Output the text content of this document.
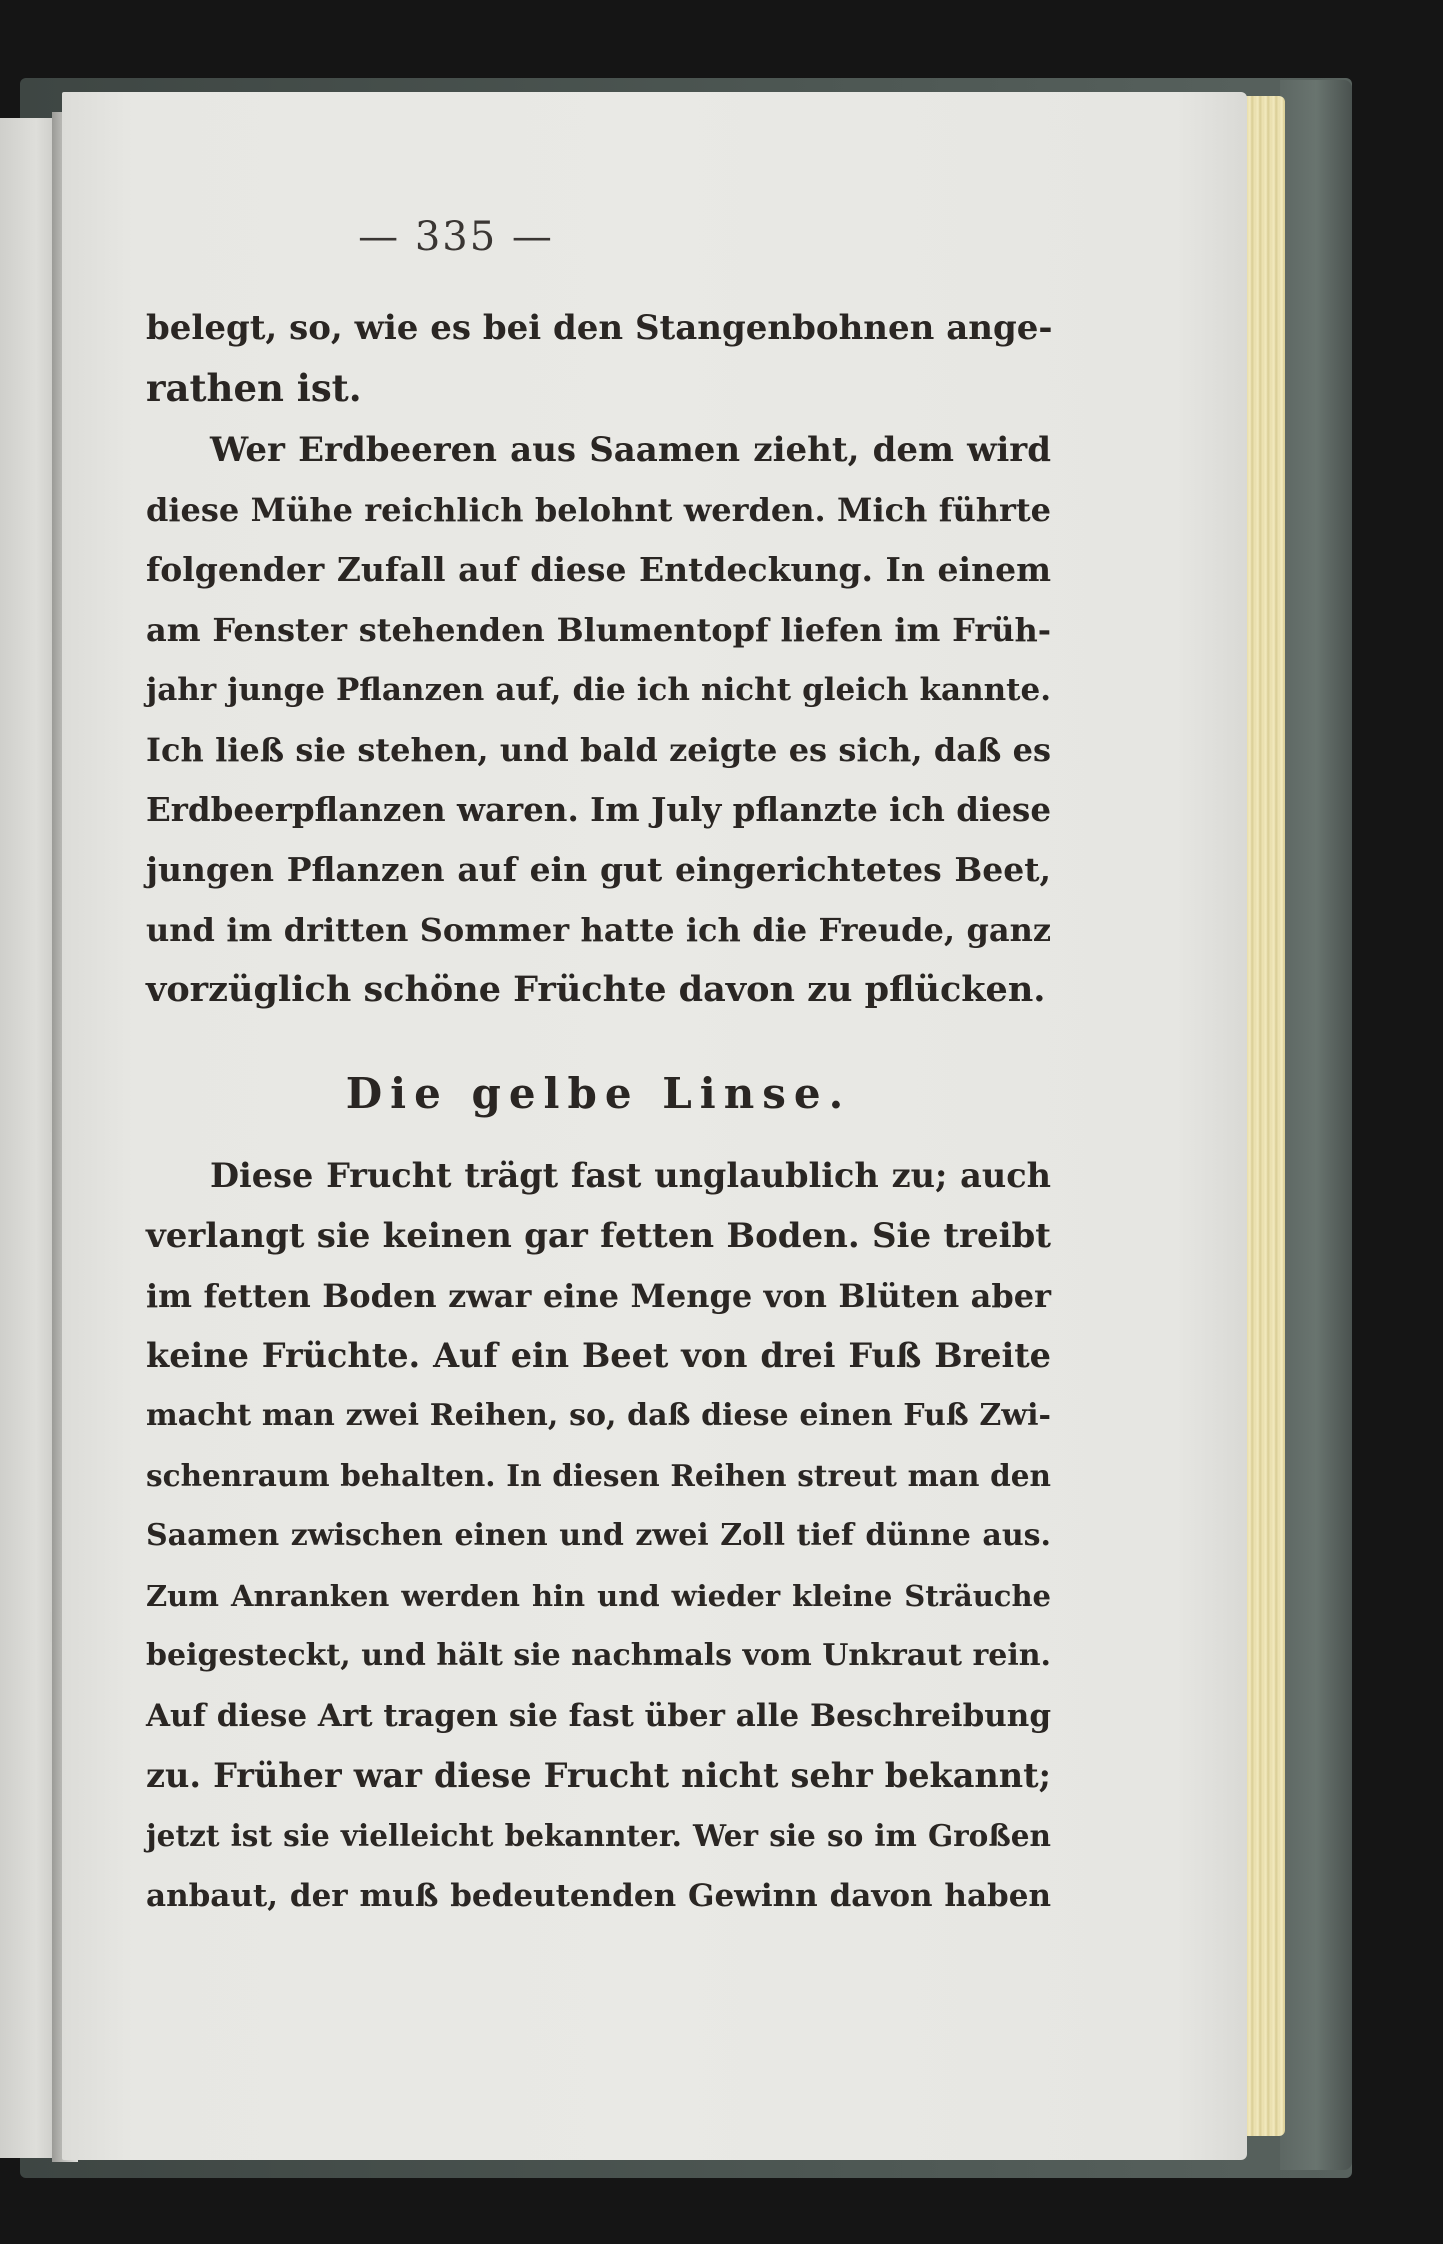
— 335 —
belegt, so, wie es bei den Stangenbohnen ange-
rathen ist.
Wer Erdbeeren aus Saamen zieht, dem wird
diese Mühe reichlich belohnt werden. Mich führte
folgender Zufall auf diese Entdeckung. In einem
am Fenster stehenden Blumentopf liefen im Früh-
jahr junge Pflanzen auf, die ich nicht gleich kannte.
Ich ließ sie stehen, und bald zeigte es sich, daß es
Erdbeerpflanzen waren. Im July pflanzte ich diese
jungen Pflanzen auf ein gut eingerichtetes Beet,
und im dritten Sommer hatte ich die Freude, ganz
vorzüglich schöne Früchte davon zu pflücken.
Die gelbe Linse.
Diese Frucht trägt fast unglaublich zu; auch
verlangt sie keinen gar fetten Boden. Sie treibt
im fetten Boden zwar eine Menge von Blüten aber
keine Früchte. Auf ein Beet von drei Fuß Breite
macht man zwei Reihen, so, daß diese einen Fuß Zwi-
schenraum behalten. In diesen Reihen streut man den
Saamen zwischen einen und zwei Zoll tief dünne aus.
Zum Anranken werden hin und wieder kleine Sträuche
beigesteckt, und hält sie nachmals vom Unkraut rein.
Auf diese Art tragen sie fast über alle Beschreibung
zu. Früher war diese Frucht nicht sehr bekannt;
jetzt ist sie vielleicht bekannter. Wer sie so im Großen
anbaut, der muß bedeutenden Gewinn davon haben
